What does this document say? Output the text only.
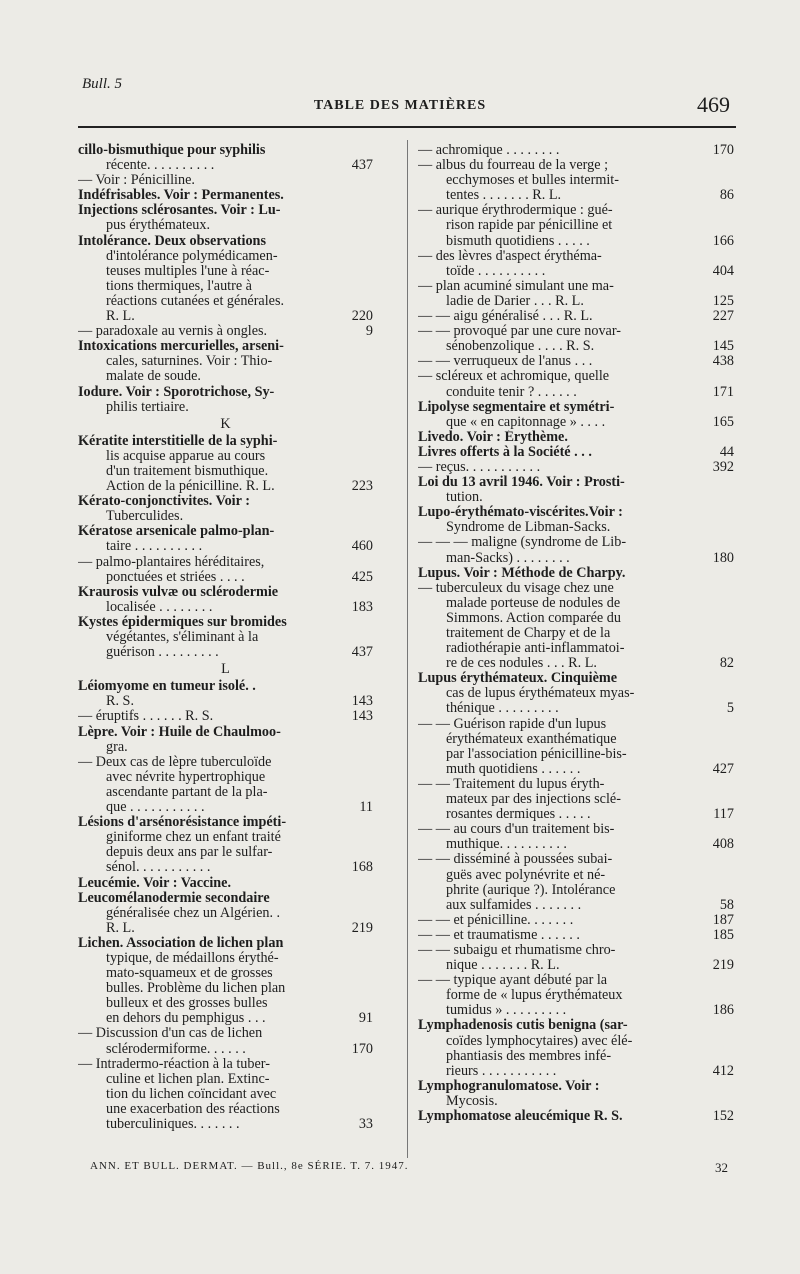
Bull. 5
TABLE DES MATIÈRES	469
cillo-bismuthique pour syphilis
récente. . . . . . . . . .	437
— Voir : Pénicilline.
Indéfrisables. Voir : Permanentes.
Injections sclérosantes. Voir : Lu-
pus érythémateux.
Intolérance. Deux observations
d'intolérance polymédicamen-
teuses multiples l'une à réac-
tions thermiques, l'autre à
réactions cutanées et générales.
R. L.	220
— paradoxale au vernis à ongles.	9
Intoxications mercurielles, arseni-
cales, saturnines. Voir : Thio-
malate de soude.
Iodure. Voir : Sporotrichose, Sy-
philis tertiaire.
K
Kératite interstitielle de la syphi-
lis acquise apparue au cours
d'un traitement bismuthique.
Action de la pénicilline. R. L.	223
Kérato-conjonctivites. Voir :
Tuberculides.
Kératose arsenicale palmo-plan-
taire . . . . . . . . . .	460
— palmo-plantaires héréditaires,
ponctuées et striées . . . .	425
Kraurosis vulvæ ou sclérodermie
localisée . . . . . . . .	183
Kystes épidermiques sur bromides
végétantes, s'éliminant à la
guérison . . . . . . . . .	437
L
Léiomyome en tumeur isolé. .
R. S.	143
— éruptifs . . . . . . R. S.	143
Lèpre. Voir : Huile de Chaulmoo-
gra.
— Deux cas de lèpre tuberculoïde
avec névrite hypertrophique
ascendante partant de la pla-
que . . . . . . . . . . .	11
Lésions d'arsénorésistance impéti-
giniforme chez un enfant traité
depuis deux ans par le sulfar-
sénol. . . . . . . . . . .	168
Leucémie. Voir : Vaccine.
Leucomélanodermie secondaire
généralisée chez un Algérien. .
R. L.	219
Lichen. Association de lichen plan
typique, de médaillons érythé-
mato-squameux et de grosses
bulles. Problème du lichen plan
bulleux et des grosses bulles
en dehors du pemphigus . . .	91
— Discussion d'un cas de lichen
sclérodermiforme. . . . . .	170
— Intradermo-réaction à la tuber-
culine et lichen plan. Extinc-
tion du lichen coïncidant avec
une exacerbation des réactions
tuberculiniques. . . . . . .	33
— achromique . . . . . . . .	170
— albus du fourreau de la verge ;
ecchymoses et bulles intermit-
tentes . . . . . . . R. L.	86
— aurique érythrodermique : gué-
rison rapide par pénicilline et
bismuth quotidiens . . . . .	166
— des lèvres d'aspect érythéma-
toïde . . . . . . . . . .	404
— plan acuminé simulant une ma-
ladie de Darier . . . R. L.	125
— — aigu généralisé . . . R. L.	227
— — provoqué par une cure novar-
sénobenzolique . . . . R. S.	145
— — verruqueux de l'anus . . .	438
— scléreux et achromique, quelle
conduite tenir ? . . . . . .	171
Lipolyse segmentaire et symétri-
que « en capitonnage » . . . .	165
Livedo. Voir : Érythème.
Livres offerts à la Société . . .	44
— reçus. . . . . . . . . . .	392
Loi du 13 avril 1946. Voir : Prosti-
tution.
Lupo-érythémato-viscérites.Voir :
Syndrome de Libman-Sacks.
— — — maligne (syndrome de Lib-
man-Sacks) . . . . . . . .	180
Lupus. Voir : Méthode de Charpy.
— tuberculeux du visage chez une
malade porteuse de nodules de
Simmons. Action comparée du
traitement de Charpy et de la
radiothérapie anti-inflammatoi-
re de ces nodules . . . R. L.	82
Lupus érythémateux. Cinquième
cas de lupus érythémateux myas-
thénique . . . . . . . . .	5
— — Guérison rapide d'un lupus
érythémateux exanthématique
par l'association pénicilline-bis-
muth quotidiens . . . . . .	427
— — Traitement du lupus éryth-
mateux par des injections sclé-
rosantes dermiques . . . . .	117
— — au cours d'un traitement bis-
muthique. . . . . . . . . .	408
— — disséminé à poussées subai-
guës avec polynévrite et né-
phrite (aurique ?). Intolérance
aux sulfamides . . . . . . .	58
— — et pénicilline. . . . . . .	187
— — et traumatisme . . . . . .	185
— — subaigu et rhumatisme chro-
nique . . . . . . . R. L.	219
— — typique ayant débuté par la
forme de « lupus érythémateux
tumidus » . . . . . . . . .	186
Lymphadenosis cutis benigna (sar-
coïdes lymphocytaires) avec élé-
phantiasis des membres infé-
rieurs . . . . . . . . . . .	412
Lymphogranulomatose. Voir :
Mycosis.
Lymphomatose aleucémique R. S.	152
ANN. ET BULL. DERMAT. — Bull., 8e SÉRIE. T. 7. 1947.	32
